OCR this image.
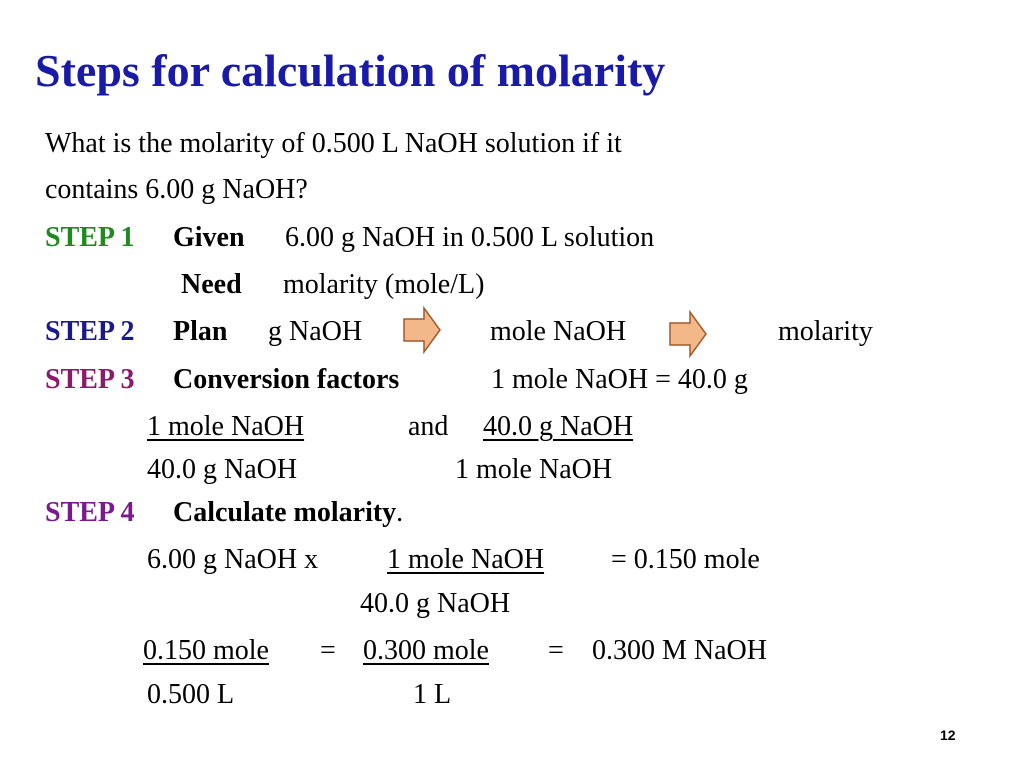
Steps for calculation of molarity
What is the molarity of 0.500 L NaOH solution if it
contains 6.00 g NaOH?
STEP 1 Given 6.00 g NaOH in 0.500 L solution
Need molarity (mole/L)
STEP 2 Plan g NaOH	mole NaOH	molarity
STEP 3 Conversion factors	1 mole NaOH = 40.0 g
1 mole NaOH	and 40.0 g NaOH
40.0 g NaOH	1 mole NaOH
STEP 4 Calculate molarity.
6.00 g NaOH x 1 mole NaOH = 0.150 mole
40.0 g NaOH
0.150 mole = 0.300 mole = 0.300 M NaOH
0.500 L	1 L
12
